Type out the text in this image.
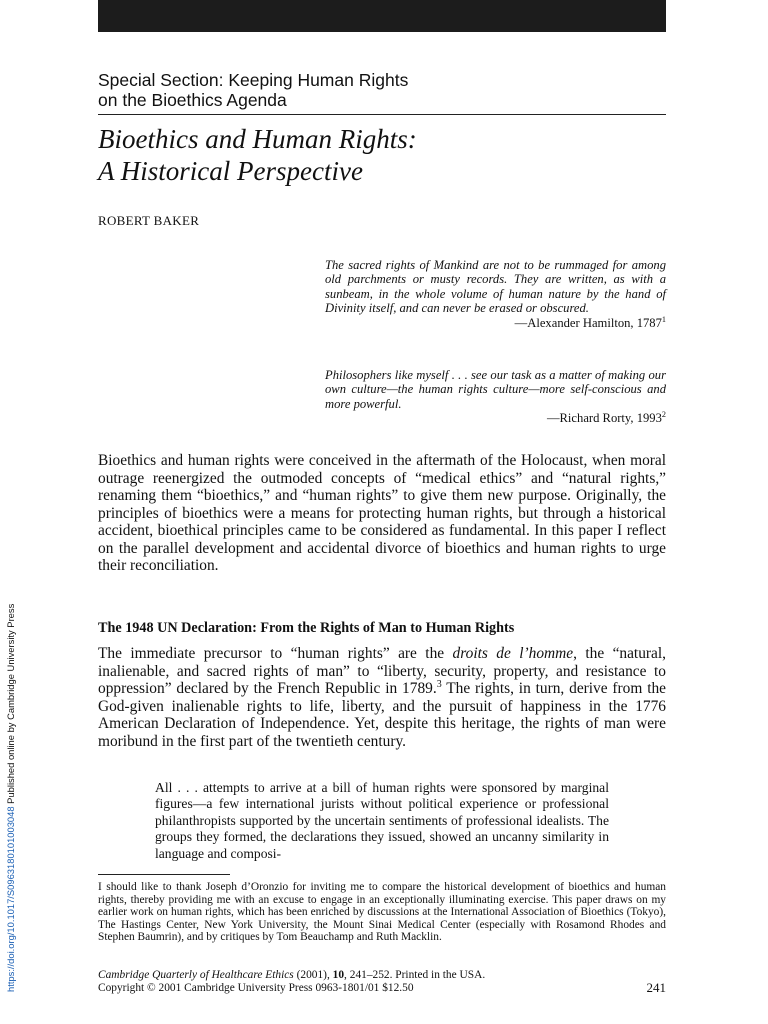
Special Section: Keeping Human Rights
on the Bioethics Agenda
Bioethics and Human Rights:
A Historical Perspective
ROBERT BAKER
The sacred rights of Mankind are not to be rummaged for among old parchments or musty records. They are written, as with a sunbeam, in the whole volume of human nature by the hand of Divinity itself, and can never be erased or obscured.
—Alexander Hamilton, 1787$^1$
Philosophers like myself . . . see our task as a matter of making our own culture—the human rights culture—more self-conscious and more powerful.
—Richard Rorty, 1993$^2$
Bioethics and human rights were conceived in the aftermath of the Holocaust, when moral outrage reenergized the outmoded concepts of “medical ethics” and “natural rights,” renaming them “bioethics,” and “human rights” to give them new purpose. Originally, the principles of bioethics were a means for protecting human rights, but through a historical accident, bioethical principles came to be considered as fundamental. In this paper I reflect on the parallel development and accidental divorce of bioethics and human rights to urge their reconciliation.
The 1948 UN Declaration: From the Rights of Man to Human Rights
The immediate precursor to “human rights” are the droits de l’homme, the “natural, inalienable, and sacred rights of man” to “liberty, security, property, and resistance to oppression” declared by the French Republic in 1789.$^3$ The rights, in turn, derive from the God-given inalienable rights to life, liberty, and the pursuit of happiness in the 1776 American Declaration of Independence. Yet, despite this heritage, the rights of man were moribund in the first part of the twentieth century.
All . . . attempts to arrive at a bill of human rights were sponsored by marginal figures—a few international jurists without political experience or professional philanthropists supported by the uncertain sentiments of professional idealists. The groups they formed, the declarations they issued, showed an uncanny similarity in language and composi-
I should like to thank Joseph d’Oronzio for inviting me to compare the historical development of bioethics and human rights, thereby providing me with an excuse to engage in an exceptionally illuminating exercise. This paper draws on my earlier work on human rights, which has been enriched by discussions at the International Association of Bioethics (Tokyo), The Hastings Center, New York University, the Mount Sinai Medical Center (especially with Rosamond Rhodes and Stephen Baumrin), and by critiques by Tom Beauchamp and Ruth Macklin.
Cambridge Quarterly of Healthcare Ethics (2001), 10, 241–252. Printed in the USA.
Copyright © 2001 Cambridge University Press 0963-1801/01 $12.50	241
https://doi.org/10.1017/S0963180101003048 Published online by Cambridge University Press
